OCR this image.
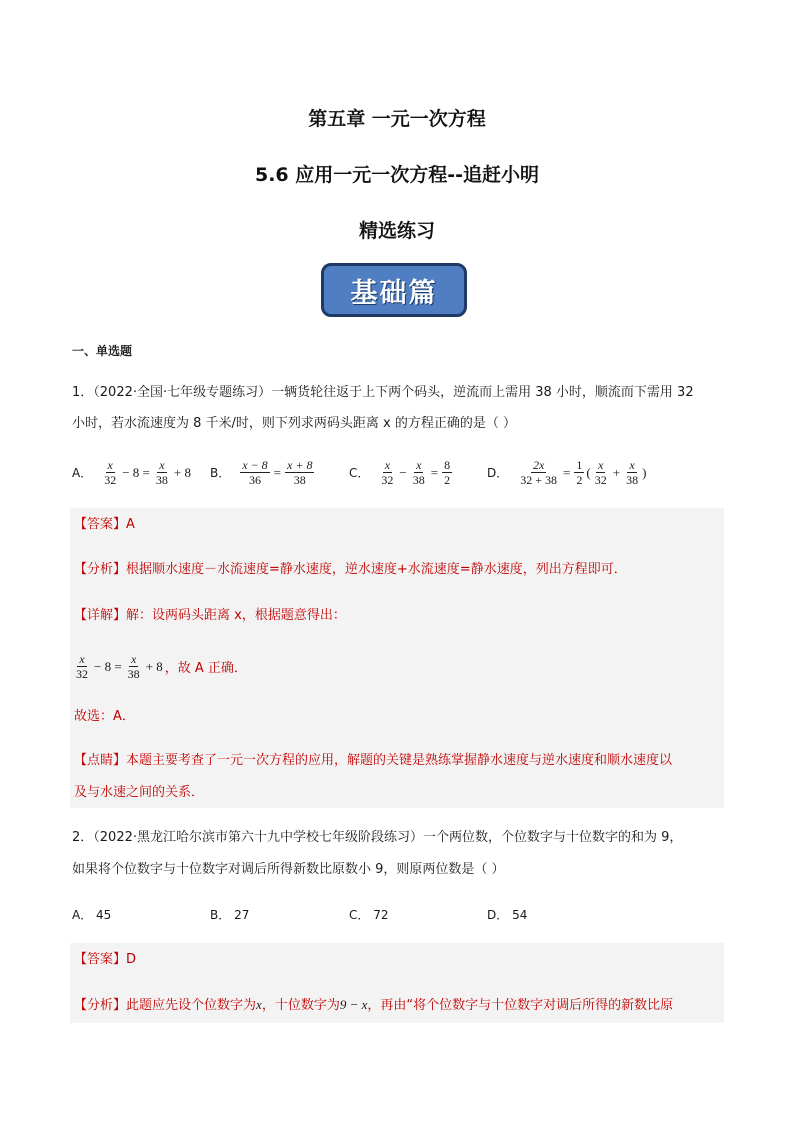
第五章 一元一次方程
5.6 应用一元一次方程--追赶小明
精选练习
基础篇
一、单选题
1．（2022·全国·七年级专题练习）一辆货轮往返于上下两个码头，逆流而上需用 38 小时，顺流而下需用 32
小时，若水流速度为 8 千米/时，则下列求两码头距离 x 的方程正确的是（ ）
A． $\frac{x}{32} - 8 = \frac{x}{38} + 8$ B． $\frac{x - 8}{36} = \frac{x + 8}{38}$	C． $\frac{x}{32} - \frac{x}{38} = \frac{8}{2}$	D． $\frac{2x}{32 + 38} = \frac{1}{2}$ ( $\frac{x}{32} + \frac{x}{38}$ )
【答案】A
【分析】根据顺水速度－水流速度=静水速度，逆水速度+水流速度=静水速度，列出方程即可．
【详解】解：设两码头距离 x，根据题意得出：
$\frac{x}{32} - 8 = \frac{x}{38} + 8$ ，故 A 正确．
故选：A．
【点睛】本题主要考查了一元一次方程的应用，解题的关键是熟练掌握静水速度与逆水速度和顺水速度以
及与水速之间的关系．
2．（2022·黑龙江哈尔滨市第六十九中学校七年级阶段练习）一个两位数，个位数字与十位数字的和为 9，
如果将个位数字与十位数字对调后所得新数比原数小 9，则原两位数是（ ）
A． 45	B． 27	C． 72	D． 54
【答案】D
【分析】此题应先设个位数字为x，十位数字为9 − x，再由“将个位数字与十位数字对调后所得的新数比原
